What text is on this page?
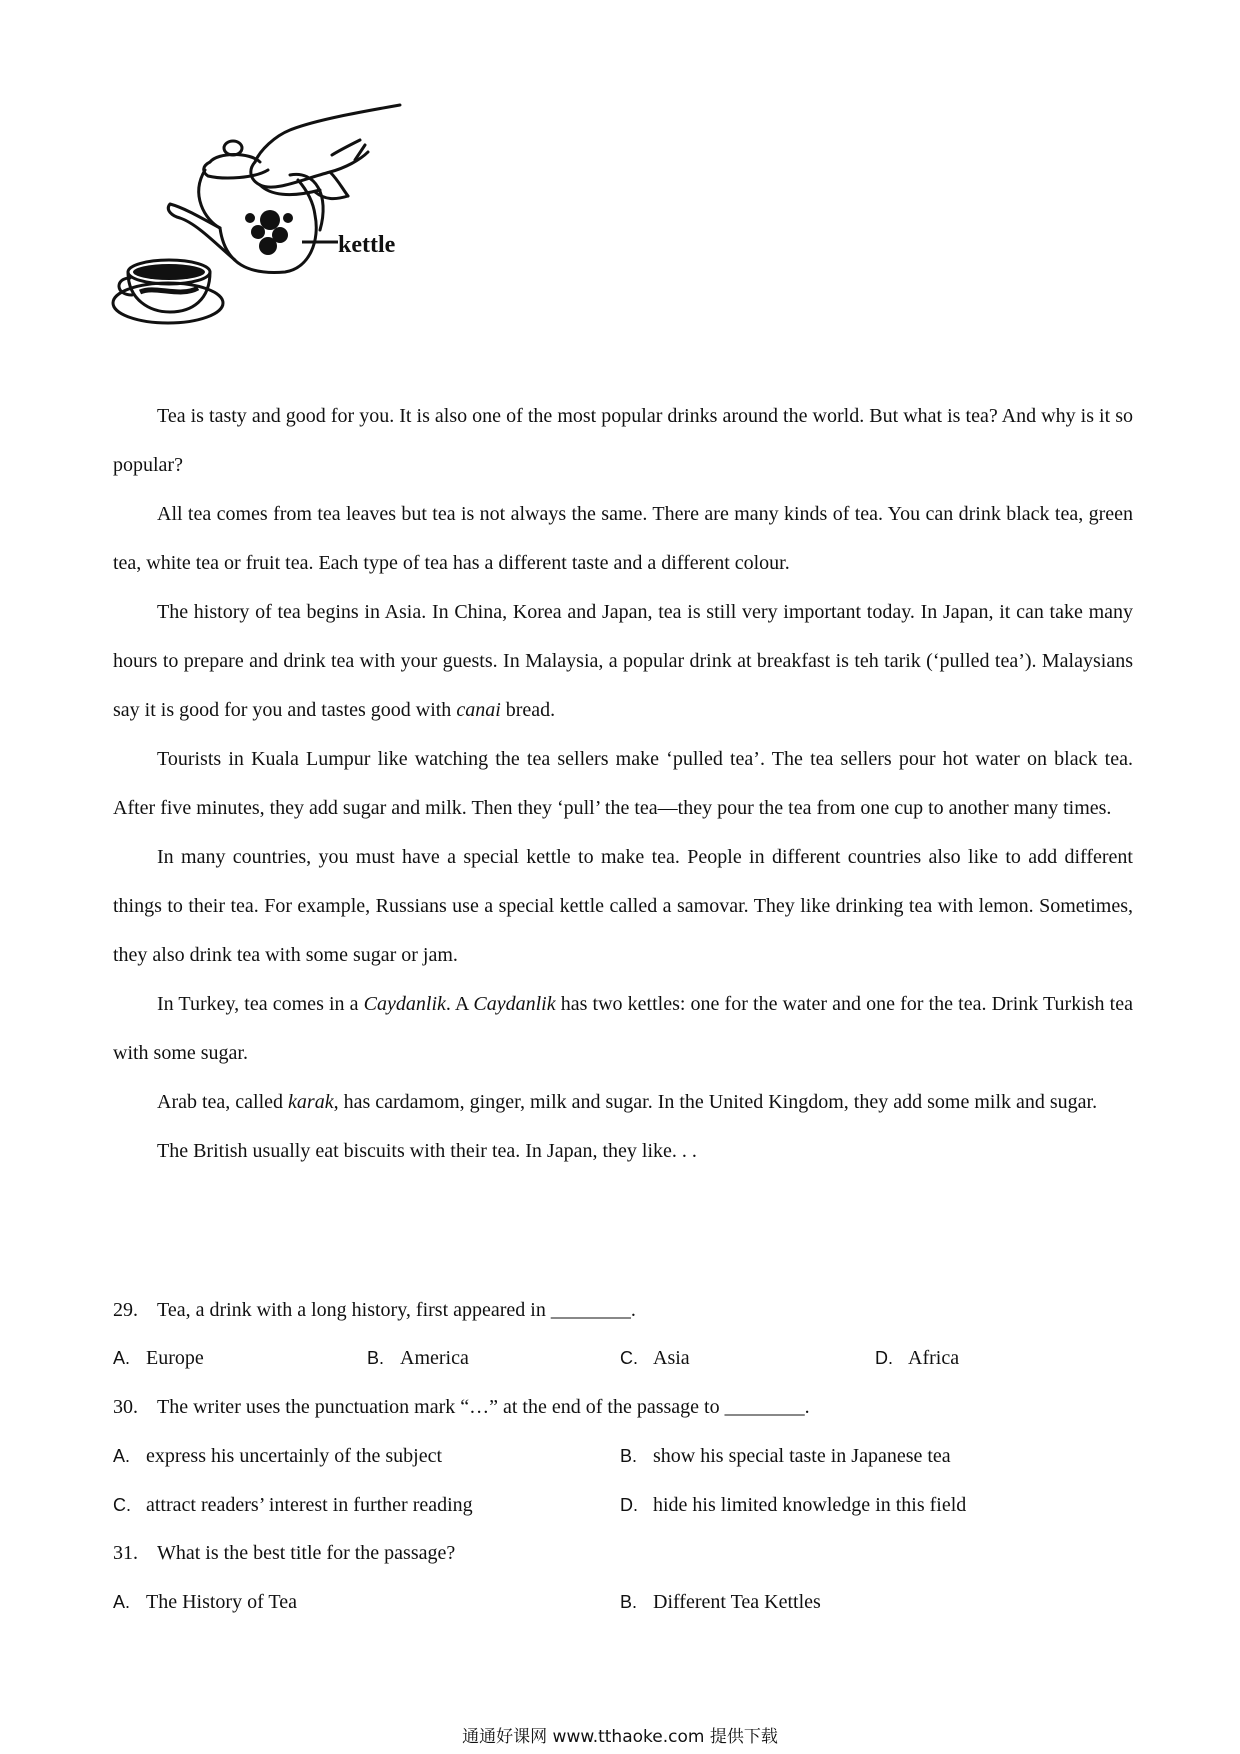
kettle

Tea is tasty and good for you. It is also one of the most popular drinks around the world. But what is tea? And why is it so popular?

All tea comes from tea leaves but tea is not always the same. There are many kinds of tea. You can drink black tea, green tea, white tea or fruit tea. Each type of tea has a different taste and a different colour.

The history of tea begins in Asia. In China, Korea and Japan, tea is still very important today. In Japan, it can take many hours to prepare and drink tea with your guests. In Malaysia, a popular drink at breakfast is teh tarik (‘pulled tea’). Malaysians say it is good for you and tastes good with canai bread.

Tourists in Kuala Lumpur like watching the tea sellers make ‘pulled tea’. The tea sellers pour hot water on black tea. After five minutes, they add sugar and milk. Then they ‘pull’ the tea—they pour the tea from one cup to another many times.

In many countries, you must have a special kettle to make tea. People in different countries also like to add different things to their tea. For example, Russians use a special kettle called a samovar. They like drinking tea with lemon. Sometimes, they also drink tea with some sugar or jam.

In Turkey, tea comes in a Caydanlik. A Caydanlik has two kettles: one for the water and one for the tea. Drink Turkish tea with some sugar.

Arab tea, called karak, has cardamom, ginger, milk and sugar. In the United Kingdom, they add some milk and sugar.

The British usually eat biscuits with their tea. In Japan, they like. . .

29. Tea, a drink with a long history, first appeared in ________.
A. Europe	B. America	C. Asia	D. Africa
30. The writer uses the punctuation mark “…” at the end of the passage to ________.
A. express his uncertainly of the subject	B. show his special taste in Japanese tea
C. attract readers’ interest in further reading	D. hide his limited knowledge in this field
31. What is the best title for the passage?
A. The History of Tea	B. Different Tea Kettles
通通好课网 www.tthaoke.com 提供下载
